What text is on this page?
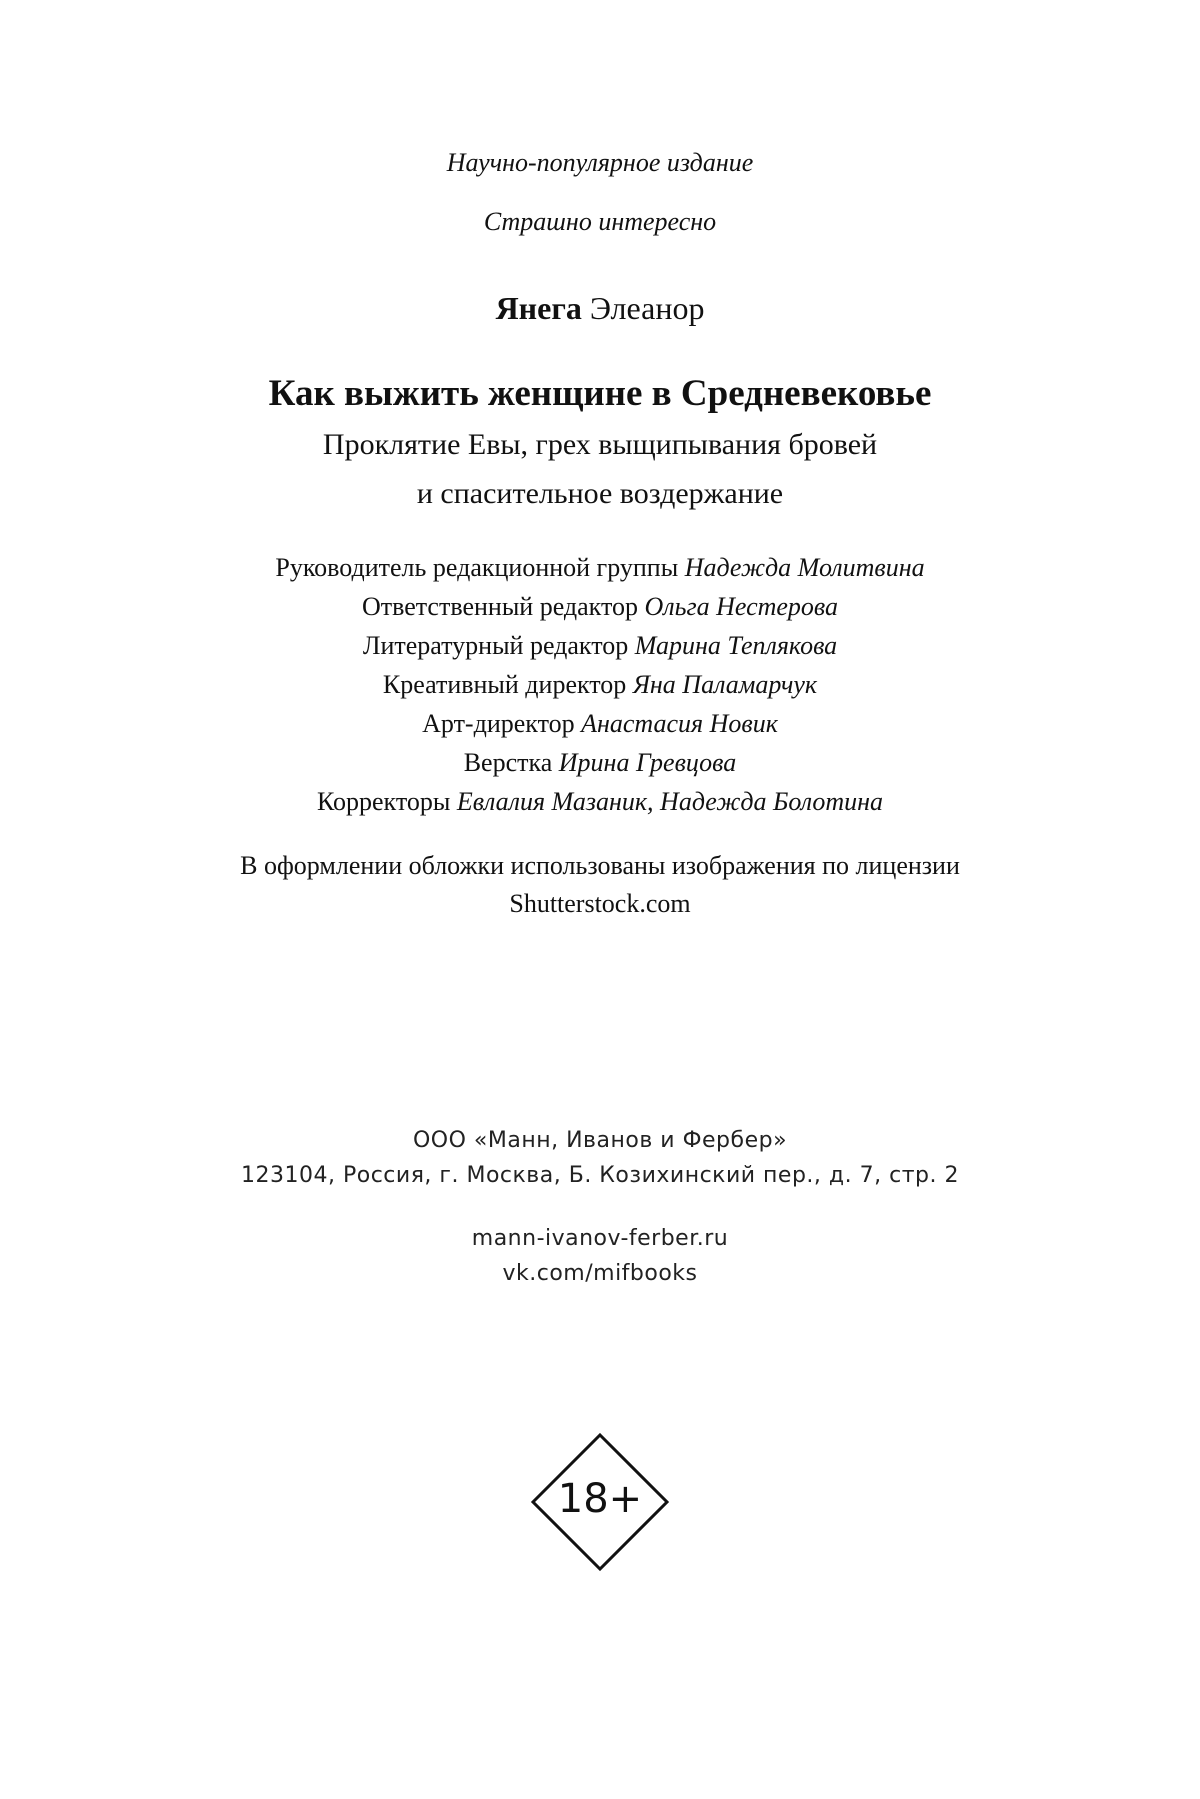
Научно-популярное издание
Страшно интересно
Янега Элеанор
Как выжить женщине в Средневековье
Проклятие Евы, грех выщипывания бровей
и спасительное воздержание
Руководитель редакционной группы Надежда Молитвина
Ответственный редактор Ольга Нестерова
Литературный редактор Марина Теплякова
Креативный директор Яна Паламарчук
Арт-директор Анастасия Новик
Верстка Ирина Гревцова
Корректоры Евлалия Мазаник, Надежда Болотина
В оформлении обложки использованы изображения по лицензии
Shutterstock.com
ООО «Манн, Иванов и Фербер»
123104, Россия, г. Москва, Б. Козихинский пер., д. 7, стр. 2
mann-ivanov-ferber.ru
vk.com/mifbooks
18+
